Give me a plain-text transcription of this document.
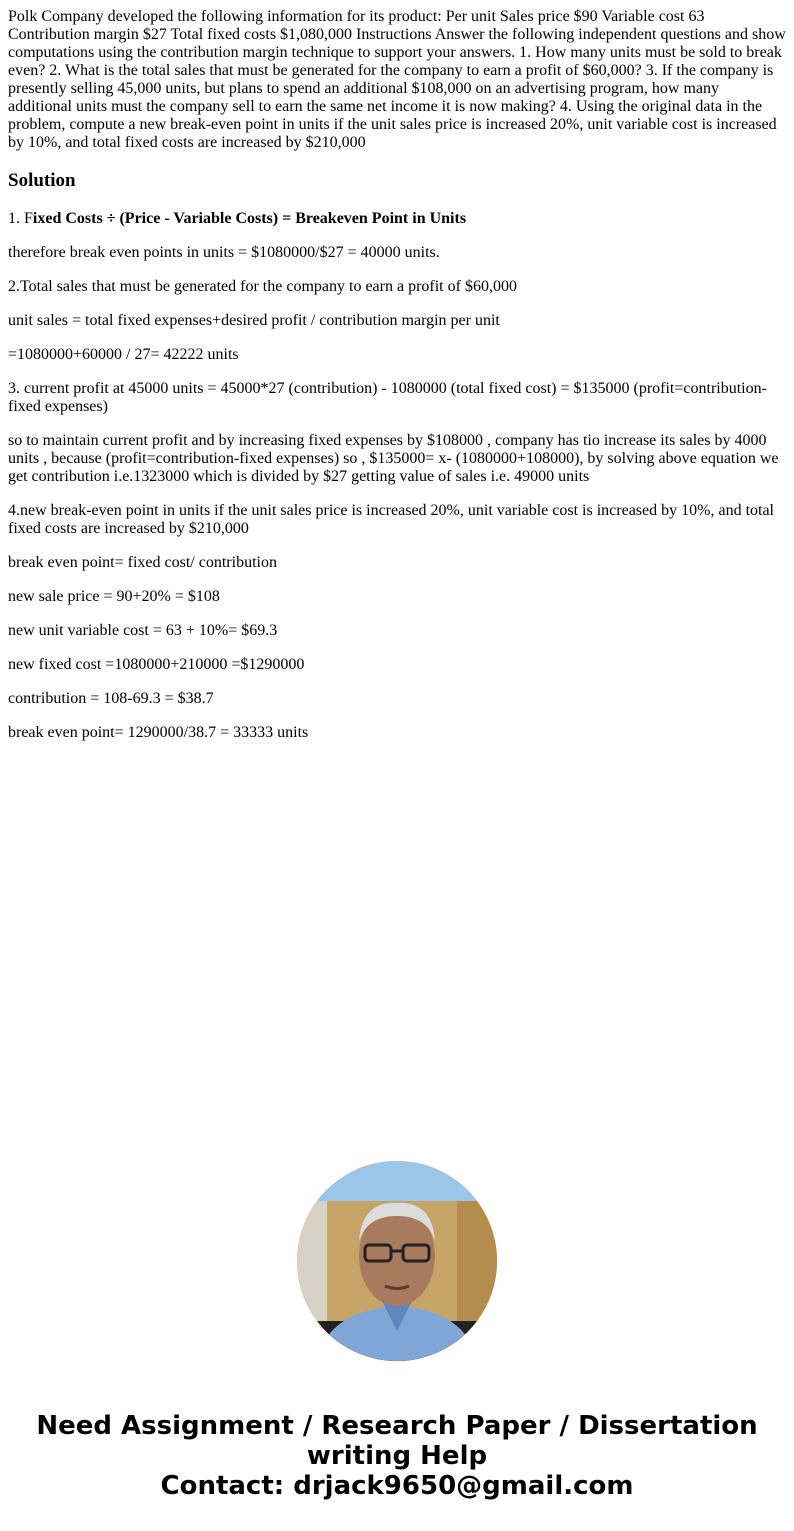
Polk Company developed the following information for its product: Per unit Sales price $90 Variable cost 63 Contribution margin $27 Total fixed costs $1,080,000 Instructions Answer the following independent questions and show computations using the contribution margin technique to support your answers. 1. How many units must be sold to break even? 2. What is the total sales that must be generated for the company to earn a profit of $60,000? 3. If the company is presently selling 45,000 units, but plans to spend an additional $108,000 on an advertising program, how many additional units must the company sell to earn the same net income it is now making? 4. Using the original data in the problem, compute a new break-even point in units if the unit sales price is increased 20%, unit variable cost is increased by 10%, and total fixed costs are increased by $210,000

Solution

1. Fixed Costs ÷ (Price - Variable Costs) = Breakeven Point in Units

therefore break even points in units = $1080000/$27 = 40000 units.

2.Total sales that must be generated for the company to earn a profit of $60,000

unit sales = total fixed expenses+desired profit / contribution margin per unit

=1080000+60000 / 27= 42222 units

3. current profit at 45000 units = 45000*27 (contribution) - 1080000 (total fixed cost) = $135000 (profit=contribution-fixed expenses)

so to maintain current profit and by increasing fixed expenses by $108000 , company has tio increase its sales by 4000 units , because (profit=contribution-fixed expenses) so , $135000= x- (1080000+108000), by solving above equation we get contribution i.e.1323000 which is divided by $27 getting value of sales i.e. 49000 units

4.new break-even point in units if the unit sales price is increased 20%, unit variable cost is increased by 10%, and total fixed costs are increased by $210,000

break even point= fixed cost/ contribution

new sale price = 90+20% = $108

new unit variable cost = 63 + 10%= $69.3

new fixed cost =1080000+210000 =$1290000

contribution = 108-69.3 = $38.7

break even point= 1290000/38.7 = 33333 units

Need Assignment / Research Paper / Dissertation
writing Help
Contact: drjack9650@gmail.com
